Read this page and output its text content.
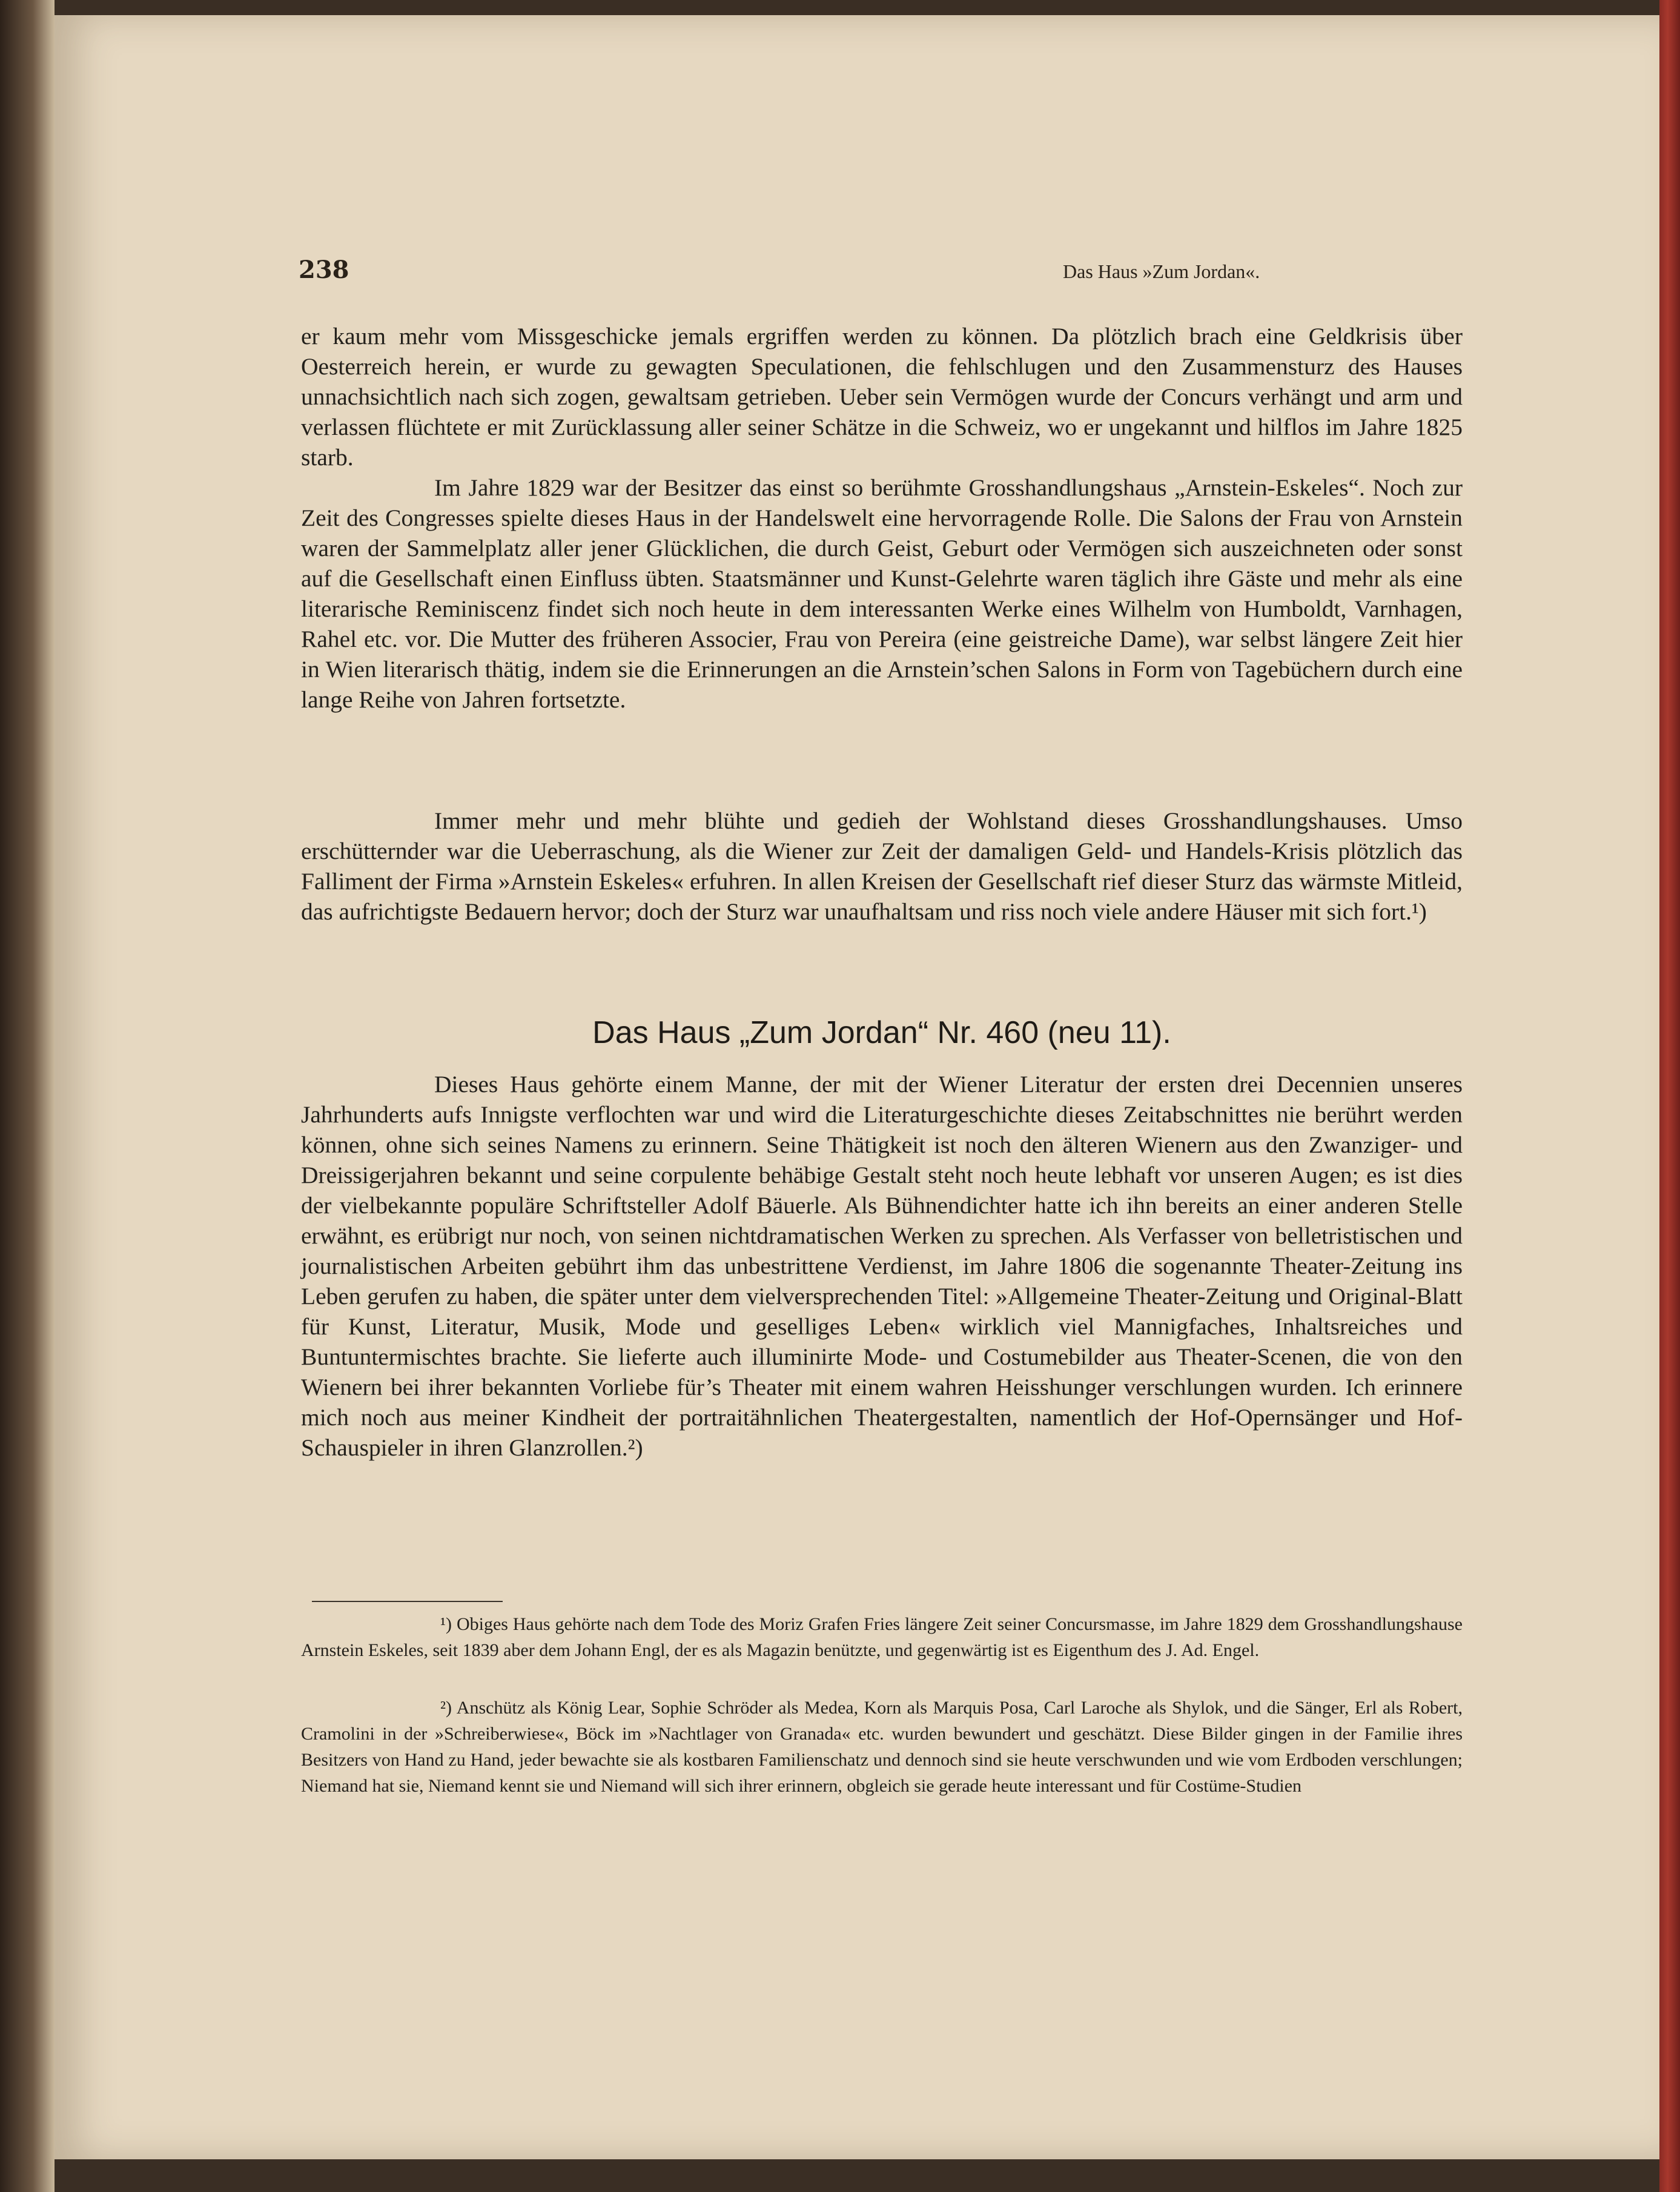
238	Das Haus »Zum Jordan«.

er kaum mehr vom Missgeschicke jemals ergriffen werden zu können. Da plötzlich brach eine Geldkrisis über Oesterreich herein, er wurde zu gewagten Speculationen, die fehlschlugen und den Zusammensturz des Hauses unnachsichtlich nach sich zogen, gewaltsam getrieben. Ueber sein Vermögen wurde der Concurs verhängt und arm und verlassen flüchtete er mit Zurücklassung aller seiner Schätze in die Schweiz, wo er ungekannt und hilflos im Jahre 1825 starb.

Im Jahre 1829 war der Besitzer das einst so berühmte Grosshandlungshaus „Arnstein-Eskeles“. Noch zur Zeit des Congresses spielte dieses Haus in der Handelswelt eine hervorragende Rolle. Die Salons der Frau von Arnstein waren der Sammelplatz aller jener Glücklichen, die durch Geist, Geburt oder Vermögen sich auszeichneten oder sonst auf die Gesellschaft einen Einfluss übten. Staatsmänner und Kunst-Gelehrte waren täglich ihre Gäste und mehr als eine literarische Reminiscenz findet sich noch heute in dem interessanten Werke eines Wilhelm von Humboldt, Varnhagen, Rahel etc. vor. Die Mutter des früheren Associer, Frau von Pereira (eine geistreiche Dame), war selbst längere Zeit hier in Wien literarisch thätig, indem sie die Erinnerungen an die Arnstein’schen Salons in Form von Tagebüchern durch eine lange Reihe von Jahren fortsetzte.

Immer mehr und mehr blühte und gedieh der Wohlstand dieses Grosshandlungshauses. Umso erschütternder war die Ueberraschung, als die Wiener zur Zeit der damaligen Geld- und Handels-Krisis plötzlich das Falliment der Firma »Arnstein Eskeles« erfuhren. In allen Kreisen der Gesellschaft rief dieser Sturz das wärmste Mitleid, das aufrichtigste Bedauern hervor; doch der Sturz war unaufhaltsam und riss noch viele andere Häuser mit sich fort.¹)

Das Haus „Zum Jordan“ Nr. 460 (neu 11).

Dieses Haus gehörte einem Manne, der mit der Wiener Literatur der ersten drei Decennien unseres Jahrhunderts aufs Innigste verflochten war und wird die Literaturgeschichte dieses Zeitabschnittes nie berührt werden können, ohne sich seines Namens zu erinnern. Seine Thätigkeit ist noch den älteren Wienern aus den Zwanziger- und Dreissigerjahren bekannt und seine corpulente behäbige Gestalt steht noch heute lebhaft vor unseren Augen; es ist dies der vielbekannte populäre Schriftsteller Adolf Bäuerle. Als Bühnendichter hatte ich ihn bereits an einer anderen Stelle erwähnt, es erübrigt nur noch, von seinen nichtdramatischen Werken zu sprechen. Als Verfasser von belletristischen und journalistischen Arbeiten gebührt ihm das unbestrittene Verdienst, im Jahre 1806 die sogenannte Theater-Zeitung ins Leben gerufen zu haben, die später unter dem vielversprechenden Titel: »Allgemeine Theater-Zeitung und Original-Blatt für Kunst, Literatur, Musik, Mode und geselliges Leben« wirklich viel Mannigfaches, Inhaltsreiches und Buntuntermischtes brachte. Sie lieferte auch illuminirte Mode- und Costumebilder aus Theater-Scenen, die von den Wienern bei ihrer bekannten Vorliebe für’s Theater mit einem wahren Heisshunger verschlungen wurden. Ich erinnere mich noch aus meiner Kindheit der portraitähnlichen Theatergestalten, namentlich der Hof-Opernsänger und Hof-Schauspieler in ihren Glanzrollen.²)

¹) Obiges Haus gehörte nach dem Tode des Moriz Grafen Fries längere Zeit seiner Concursmasse, im Jahre 1829 dem Grosshandlungshause Arnstein Eskeles, seit 1839 aber dem Johann Engl, der es als Magazin benützte, und gegenwärtig ist es Eigenthum des J. Ad. Engel.

²) Anschütz als König Lear, Sophie Schröder als Medea, Korn als Marquis Posa, Carl Laroche als Shylok, und die Sänger, Erl als Robert, Cramolini in der »Schreiberwiese«, Böck im »Nachtlager von Granada« etc. wurden bewundert und geschätzt. Diese Bilder gingen in der Familie ihres Besitzers von Hand zu Hand, jeder bewachte sie als kostbaren Familienschatz und dennoch sind sie heute verschwunden und wie vom Erdboden verschlungen; Niemand hat sie, Niemand kennt sie und Niemand will sich ihrer erinnern, obgleich sie gerade heute interessant und für Costüme-Studien
